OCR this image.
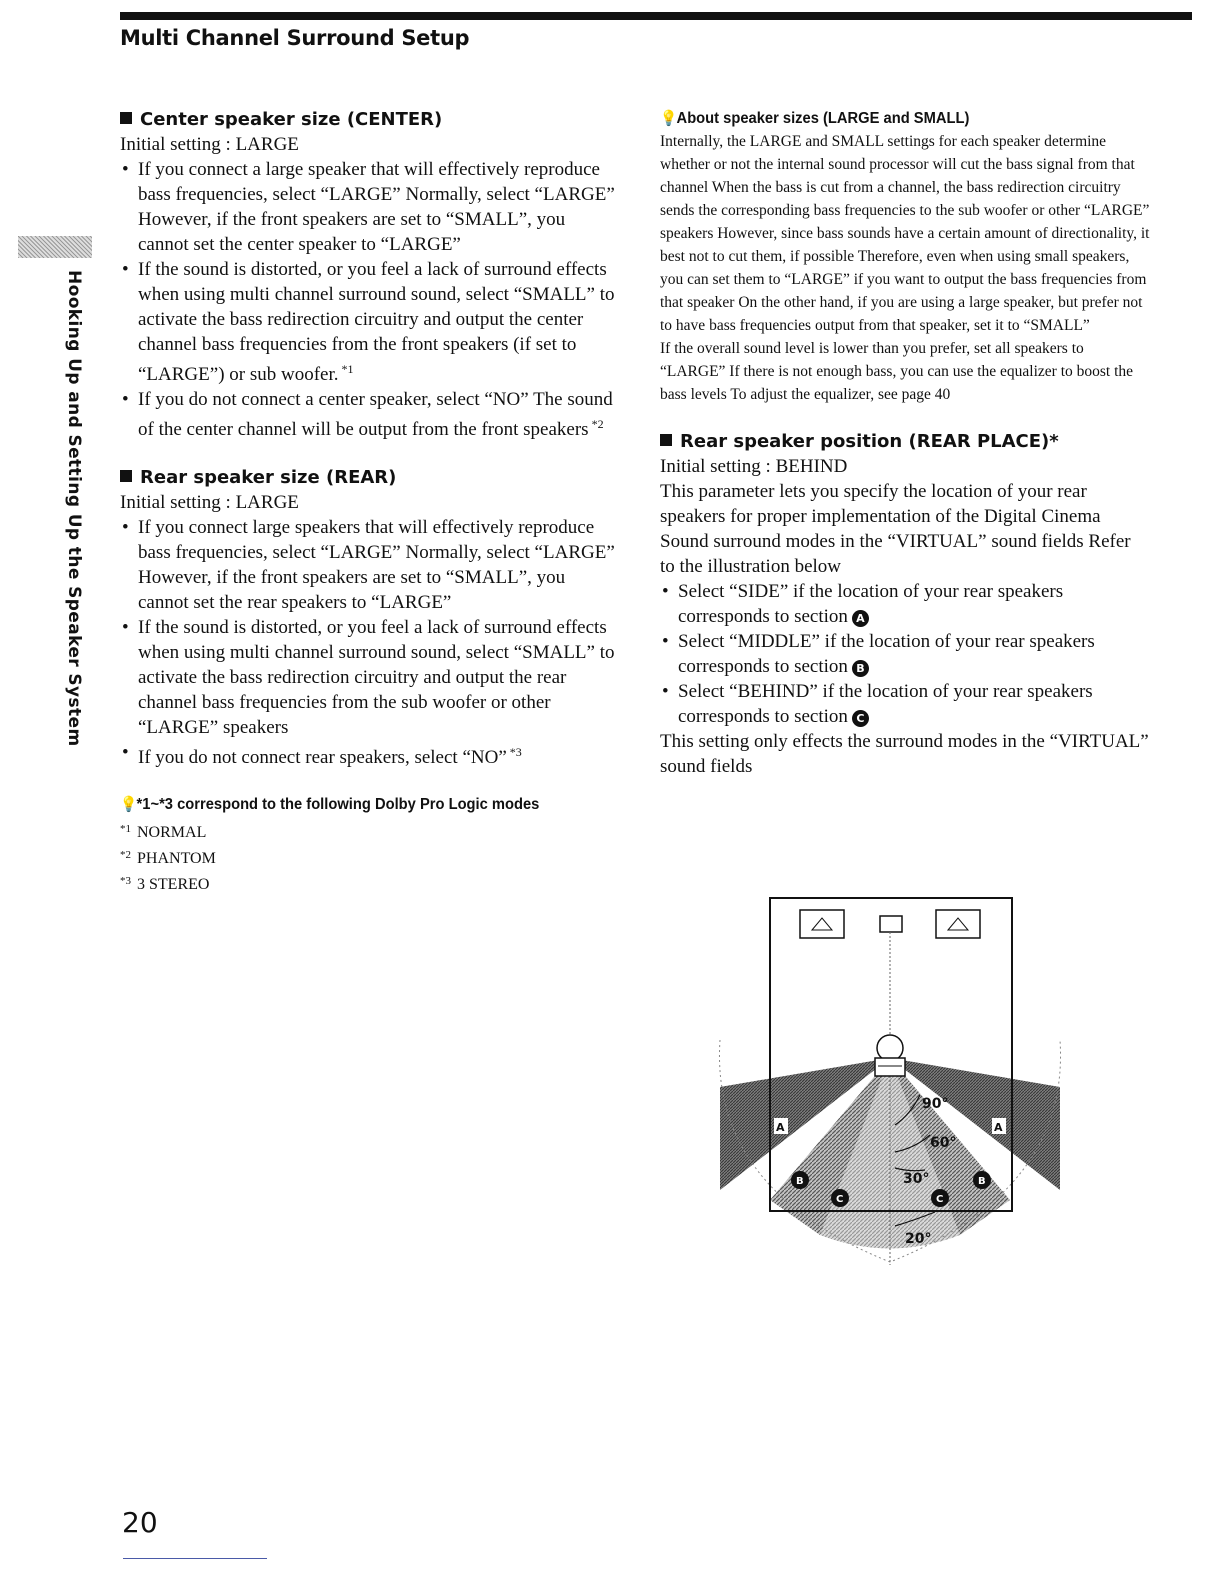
Multi Channel Surround Setup
Hooking Up and Setting Up the Speaker System
Center speaker size (CENTER)

Initial setting : LARGE

• If you connect a large speaker that will effectively reproduce bass frequencies, select “LARGE” Normally, select “LARGE” However, if the front speakers are set to “SMALL”, you cannot set the center speaker to “LARGE”
• If the sound is distorted, or you feel a lack of surround effects when using multi channel surround sound, select “SMALL” to activate the bass redirection circuitry and output the center channel bass frequencies from the front speakers (if set to “LARGE”) or sub woofer. $^{*1}$
• If you do not connect a center speaker, select “NO” The sound of the center channel will be output from the front speakers $^{*2}$
Rear speaker size (REAR)

Initial setting : LARGE

• If you connect large speakers that will effectively reproduce bass frequencies, select “LARGE” Normally, select “LARGE” However, if the front speakers are set to “SMALL”, you cannot set the rear speakers to “LARGE”
• If the sound is distorted, or you feel a lack of surround effects when using multi channel surround sound, select “SMALL” to activate the bass redirection circuitry and output the rear channel bass frequencies from the sub woofer or other “LARGE” speakers
• If you do not connect rear speakers, select “NO” $^{*3}$

💡*1~*3 correspond to the following Dolby Pro Logic modes

$^{*1}$ NORMAL
$^{*2}$ PHANTOM
$^{*3}$ 3 STEREO

💡About speaker sizes (LARGE and SMALL)

Internally, the LARGE and SMALL settings for each speaker determine whether or not the internal sound processor will cut the bass signal from that channel When the bass is cut from a channel, the bass redirection circuitry sends the corresponding bass frequencies to the sub woofer or other “LARGE” speakers However, since bass sounds have a certain amount of directionality, it best not to cut them, if possible Therefore, even when using small speakers, you can set them to “LARGE” if you want to output the bass frequencies from that speaker On the other hand, if you are using a large speaker, but prefer not to have bass frequencies output from that speaker, set it to “SMALL”

If the overall sound level is lower than you prefer, set all speakers to “LARGE” If there is not enough bass, you can use the equalizer to boost the bass levels To adjust the equalizer, see page 40

Rear speaker position (REAR PLACE)*

Initial setting : BEHIND

This parameter lets you specify the location of your rear speakers for proper implementation of the Digital Cinema Sound surround modes in the “VIRTUAL” sound fields Refer to the illustration below

• Select “SIDE” if the location of your rear speakers corresponds to section A
• Select “MIDDLE” if the location of your rear speakers corresponds to section B
• Select “BEHIND” if the location of your rear speakers corresponds to section C

This setting only effects the surround modes in the “VIRTUAL” sound fields

90°
60°
30°
20°
A	A
B	B
C	C

20
